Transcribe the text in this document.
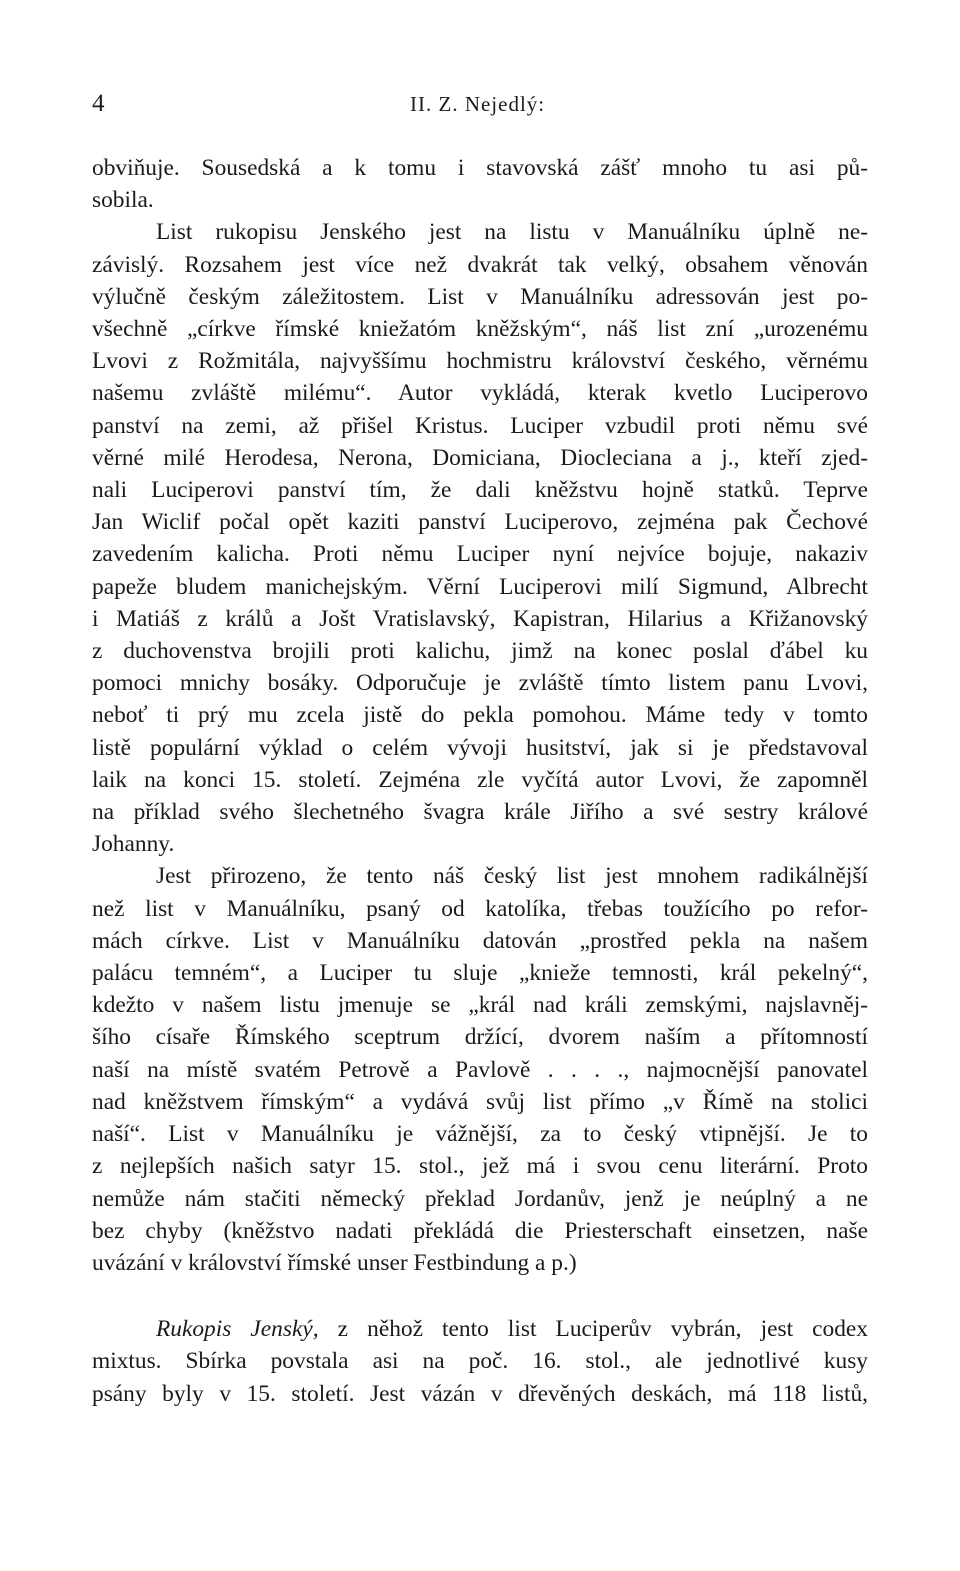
4	II. Z. Nejedlý:
obviňuje. Sousedská a k tomu i stavovská zášť mnoho tu asi pů-
sobila.
List rukopisu Jenského jest na listu v Manuálníku úplně ne-
závislý. Rozsahem jest více než dvakrát tak velký, obsahem věnován
výlučně českým záležitostem. List v Manuálníku adressován jest po-
všechně „církve římské kniežatóm kněžským“, náš list zní „urozenému
Lvovi z Rožmitála, najvyššímu hochmistru království českého, věrnému
našemu zvláště milému“. Autor vykládá, kterak kvetlo Luciperovo
panství na zemi, až přišel Kristus. Luciper vzbudil proti němu své
věrné milé Herodesa, Nerona, Domiciana, Diocleciana a j., kteří zjed-
nali Luciperovi panství tím, že dali kněžstvu hojně statků. Teprve
Jan Wiclif počal opět kaziti panství Luciperovo, zejména pak Čechové
zavedením kalicha. Proti němu Luciper nyní nejvíce bojuje, nakaziv
papeže bludem manichejským. Věrní Luciperovi milí Sigmund, Albrecht
i Matiáš z králů a Jošt Vratislavský, Kapistran, Hilarius a Křižanovský
z duchovenstva brojili proti kalichu, jimž na konec poslal ďábel ku
pomoci mnichy bosáky. Odporučuje je zvláště tímto listem panu Lvovi,
neboť ti prý mu zcela jistě do pekla pomohou. Máme tedy v tomto
listě populární výklad o celém vývoji husitství, jak si je představoval
laik na konci 15. století. Zejména zle vyčítá autor Lvovi, že zapomněl
na příklad svého šlechetného švagra krále Jiřího a své sestry králové
Johanny.
Jest přirozeno, že tento náš český list jest mnohem radikálnější
než list v Manuálníku, psaný od katolíka, třebas toužícího po refor-
mách církve. List v Manuálníku datován „prostřed pekla na našem
palácu temném“, a Luciper tu sluje „knieže temnosti, král pekelný“,
kdežto v našem listu jmenuje se „král nad králi zemskými, najslavněj-
šího císaře Římského sceptrum držící, dvorem naším a přítomností
naší na místě svatém Petrově a Pavlově . . . ., najmocnější panovatel
nad kněžstvem římským“ a vydává svůj list přímo „v Římě na stolici
naší“. List v Manuálníku je vážnější, za to český vtipnější. Je to
z nejlepších našich satyr 15. stol., jež má i svou cenu literární. Proto
nemůže nám stačiti německý překlad Jordanův, jenž je neúplný a ne
bez chyby (kněžstvo nadati překládá die Priesterschaft einsetzen, naše
uvázání v království římské unser Festbindung a p.)
Rukopis Jenský, z něhož tento list Luciperův vybrán, jest codex
mixtus. Sbírka povstala asi na poč. 16. stol., ale jednotlivé kusy
psány byly v 15. století. Jest vázán v dřevěných deskách, má 118 listů,
